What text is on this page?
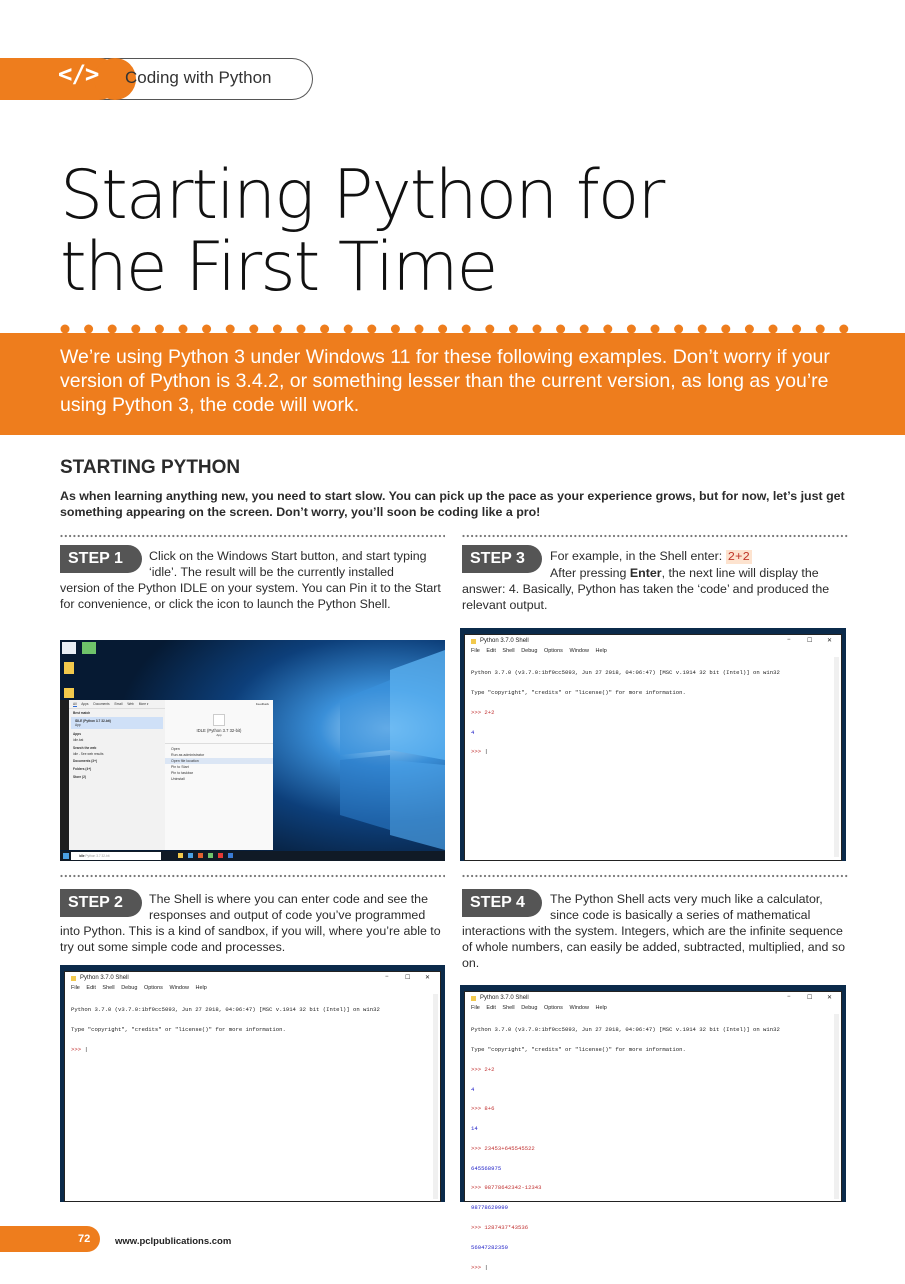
</> Coding with Python
Starting Python for
the First Time
We’re using Python 3 under Windows 11 for these following examples. Don’t worry if your version of Python is 3.4.2, or something lesser than the current version, as long as you’re using Python 3, the code will work.
STARTING PYTHON
As when learning anything new, you need to start slow. You can pick up the pace as your experience grows, but for now, let’s just get something appearing on the screen. Don’t worry, you’ll soon be coding like a pro!
STEP 1	Click on the Windows Start button, and start typing
‘idle’. The result will be the currently installed
version of the Python IDLE on your system. You can Pin it to the Start for convenience, or click the icon to launch the Python Shell.
STEP 3	For example, in the Shell enter: 2+2
After pressing Enter, the next line will display the
answer: 4. Basically, Python has taken the ‘code’ and produced the relevant output.
All Apps Documents Email Web More ▾
Best match
IDLE (Python 3.7 32-bit)
App
Apps
idle.bat
Search the web
idle - See web results
Documents (3+)
Folders (4+)
Store (2)
Feedback
IDLE (Python 3.7 32-bit)
App
Open
Run as administrator
Open file location
Pin to Start
Pin to taskbar
Uninstall
idle Python 3.7 32-bit
Python 3.7.0 Shell	−	☐ ✕
File Edit Shell Debug Options Window Help

Python 3.7.0 (v3.7.0:1bf9cc5093, Jun 27 2018, 04:06:47) [MSC v.1914 32 bit (Intel)] on win32

Type "copyright", "credits" or "license()" for more information.

>>> 2+2

4

>>> |

STEP 2	The Shell is where you can enter code and see the
responses and output of code you’ve programmed
into Python. This is a kind of sandbox, if you will, where you’re able to try out some simple code and processes.
STEP 4	The Python Shell acts very much like a calculator,
since code is basically a series of mathematical
interactions with the system. Integers, which are the infinite sequence of whole numbers, can easily be added, subtracted, multiplied, and so on.
Python 3.7.0 Shell	−	☐ ✕
File Edit Shell Debug Options Window Help

Python 3.7.0 (v3.7.0:1bf9cc5093, Jun 27 2018, 04:06:47) [MSC v.1914 32 bit (Intel)] on win32

Type "copyright", "credits" or "license()" for more information.

>>> |

Python 3.7.0 Shell	−	☐ ✕
File Edit Shell Debug Options Window Help

Python 3.7.0 (v3.7.0:1bf9cc5093, Jun 27 2018, 04:06:47) [MSC v.1914 32 bit (Intel)] on win32

Type "copyright", "credits" or "license()" for more information.

>>> 2+2

4

>>> 8+6

14

>>> 23453+645545522

645568975

>>> 98778642342-12343

98778629999

>>> 1287437*43536

56047282350

>>> |

72	www.pclpublications.com
